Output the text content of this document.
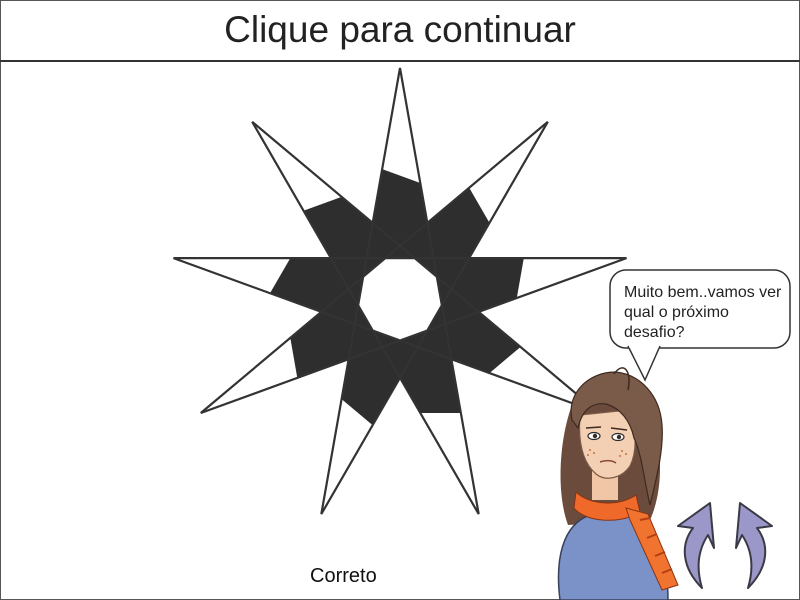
Clique para continuar
Muito bem..vamos ver qual o próximo desafio?
Correto
